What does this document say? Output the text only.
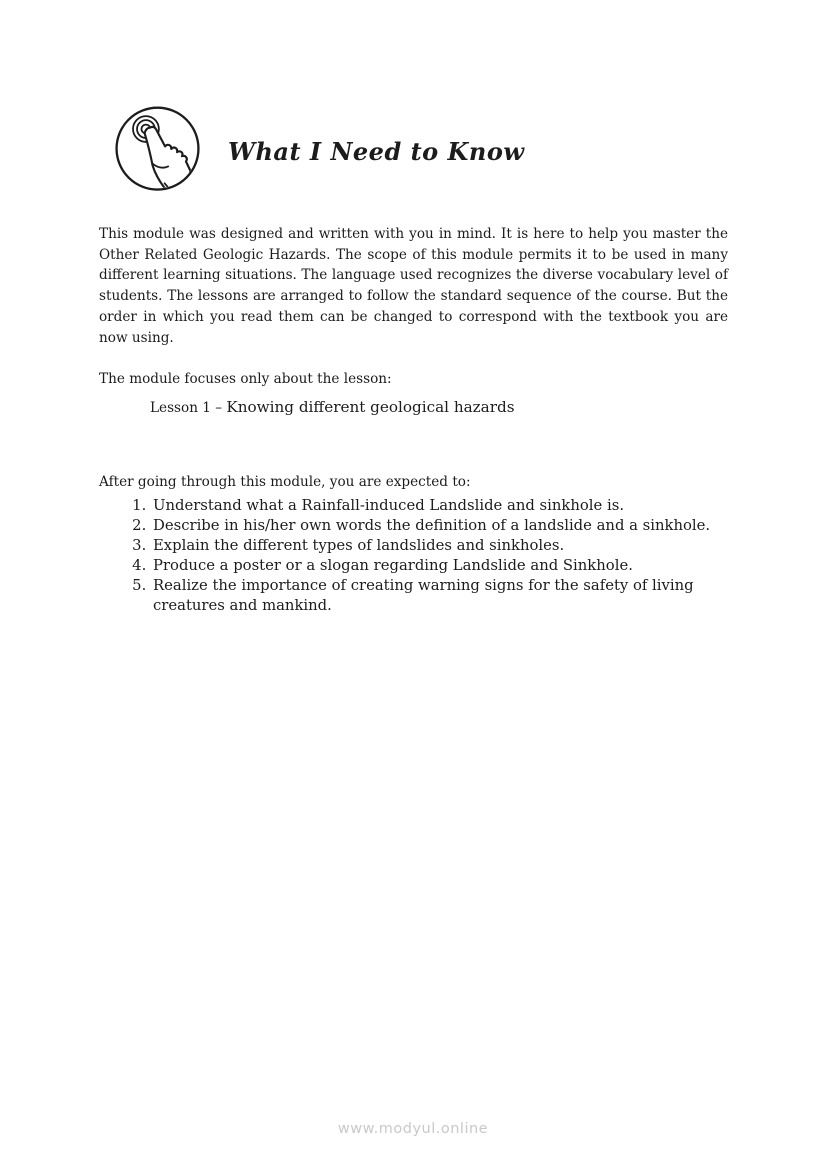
What I Need to Know

This module was designed and written with you in mind. It is here to help you master the Other Related Geologic Hazards. The scope of this module permits it to be used in many different learning situations. The language used recognizes the diverse vocabulary level of students. The lessons are arranged to follow the standard sequence of the course. But the order in which you read them can be changed to correspond with the textbook you are now using.

The module focuses only about the lesson:

Lesson 1 – Knowing different geological hazards

After going through this module, you are expected to:

1. Understand what a Rainfall-induced Landslide and sinkhole is.
2. Describe in his/her own words the definition of a landslide and a sinkhole.
3. Explain the different types of landslides and sinkholes.
4. Produce a poster or a slogan regarding Landslide and Sinkhole.
5. Realize the importance of creating warning signs for the safety of living creatures and mankind.
www.modyul.online
